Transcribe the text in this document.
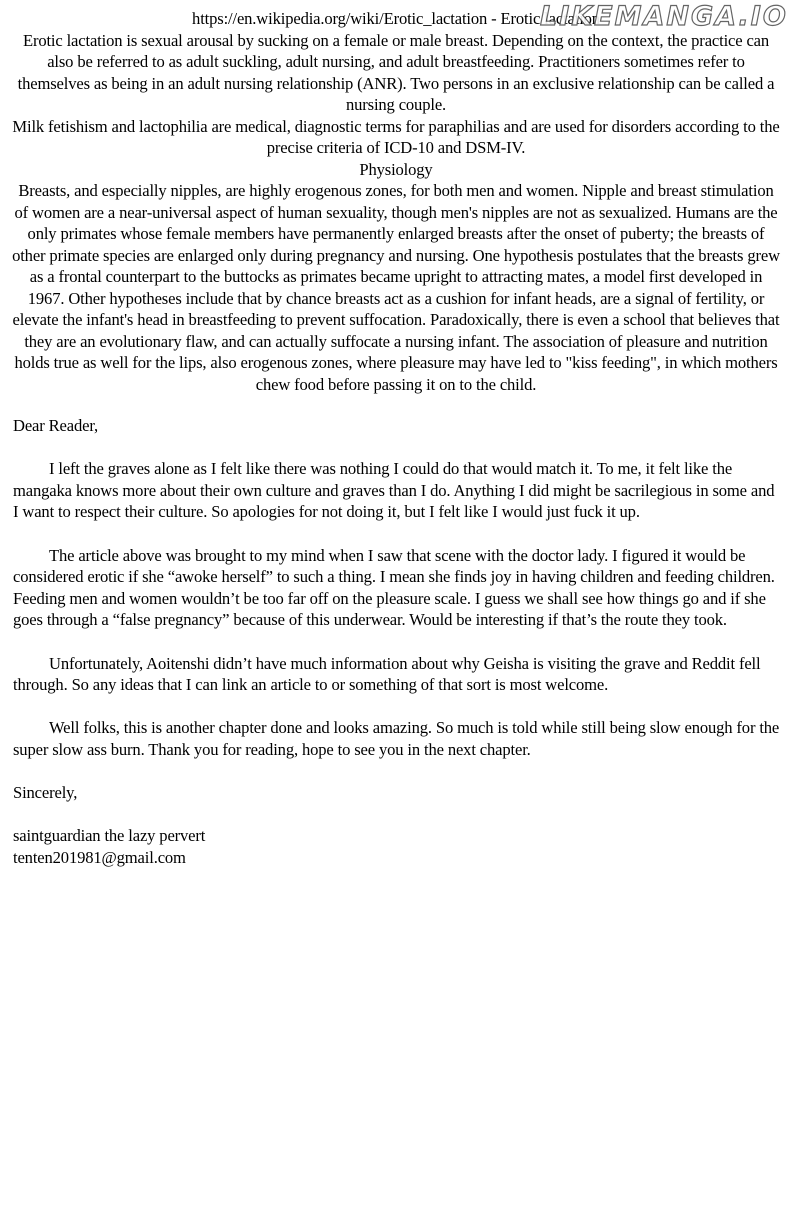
https://en.wikipedia.org/wiki/Erotic_lactation - Erotic lactation
Erotic lactation is sexual arousal by sucking on a female or male breast. Depending on the context, the practice can also be referred to as adult suckling, adult nursing, and adult breastfeeding. Practitioners sometimes refer to themselves as being in an adult nursing relationship (ANR). Two persons in an exclusive relationship can be called a nursing couple.
Milk fetishism and lactophilia are medical, diagnostic terms for paraphilias and are used for disorders according to the precise criteria of ICD-10 and DSM-IV.
Physiology
Breasts, and especially nipples, are highly erogenous zones, for both men and women. Nipple and breast stimulation of women are a near-universal aspect of human sexuality, though men's nipples are not as sexualized. Humans are the only primates whose female members have permanently enlarged breasts after the onset of puberty; the breasts of other primate species are enlarged only during pregnancy and nursing. One hypothesis postulates that the breasts grew as a frontal counterpart to the buttocks as primates became upright to attracting mates, a model first developed in 1967. Other hypotheses include that by chance breasts act as a cushion for infant heads, are a signal of fertility, or elevate the infant's head in breastfeeding to prevent suffocation. Paradoxically, there is even a school that believes that they are an evolutionary flaw, and can actually suffocate a nursing infant. The association of pleasure and nutrition holds true as well for the lips, also erogenous zones, where pleasure may have led to "kiss feeding", in which mothers chew food before passing it on to the child.

Dear Reader,

I left the graves alone as I felt like there was nothing I could do that would match it. To me, it felt like the mangaka knows more about their own culture and graves than I do. Anything I did might be sacrilegious in some and I want to respect their culture. So apologies for not doing it, but I felt like I would just fuck it up.

The article above was brought to my mind when I saw that scene with the doctor lady. I figured it would be considered erotic if she “awoke herself” to such a thing. I mean she finds joy in having children and feeding children. Feeding men and women wouldn’t be too far off on the pleasure scale. I guess we shall see how things go and if she goes through a “false pregnancy” because of this underwear. Would be interesting if that’s the route they took.

Unfortunately, Aoitenshi didn’t have much information about why Geisha is visiting the grave and Reddit fell through. So any ideas that I can link an article to or something of that sort is most welcome.

Well folks, this is another chapter done and looks amazing. So much is told while still being slow enough for the super slow ass burn. Thank you for reading, hope to see you in the next chapter.

Sincerely,

saintguardian the lazy pervert

tenten201981@gmail.com

LIKEMANGA.IO
